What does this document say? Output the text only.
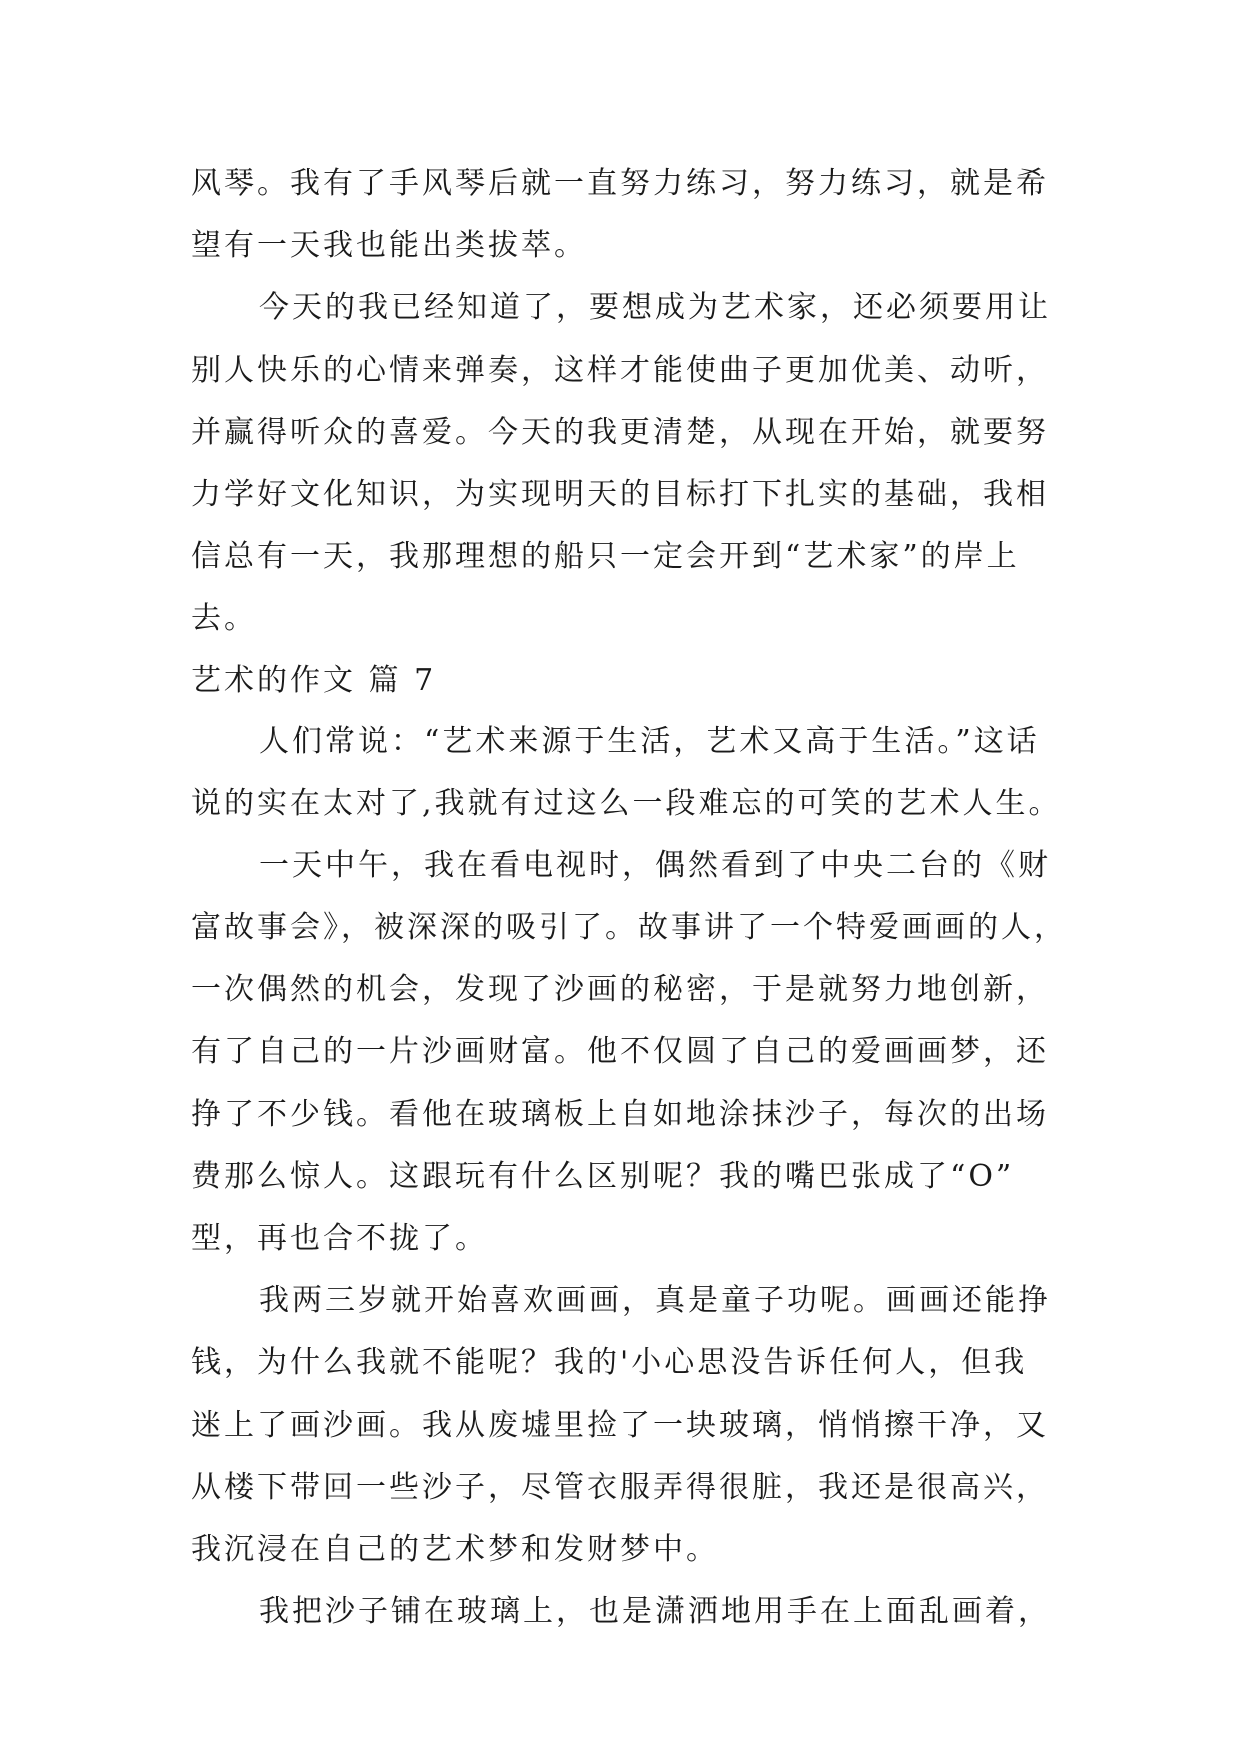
风琴。我有了手风琴后就一直努力练习，努力练习，就是希
望有一天我也能出类拔萃。
今天的我已经知道了，要想成为艺术家，还必须要用让
别人快乐的心情来弹奏，这样才能使曲子更加优美、动听，
并赢得听众的喜爱。今天的我更清楚，从现在开始，就要努
力学好文化知识，为实现明天的目标打下扎实的基础，我相
信总有一天，我那理想的船只一定会开到“艺术家”的岸上
去。
艺术的作文 篇 7
人们常说：“艺术来源于生活，艺术又高于生活。”这话
说的实在太对了,我就有过这么一段难忘的可笑的艺术人生。
一天中午，我在看电视时，偶然看到了中央二台的《财
富故事会》，被深深的吸引了。故事讲了一个特爱画画的人，
一次偶然的机会，发现了沙画的秘密，于是就努力地创新，
有了自己的一片沙画财富。他不仅圆了自己的爱画画梦，还
挣了不少钱。看他在玻璃板上自如地涂抹沙子，每次的出场
费那么惊人。这跟玩有什么区别呢？我的嘴巴张成了“O”
型，再也合不拢了。
我两三岁就开始喜欢画画，真是童子功呢。画画还能挣
钱，为什么我就不能呢？我的'小心思没告诉任何人，但我
迷上了画沙画。我从废墟里捡了一块玻璃，悄悄擦干净，又
从楼下带回一些沙子，尽管衣服弄得很脏，我还是很高兴，
我沉浸在自己的艺术梦和发财梦中。
我把沙子铺在玻璃上，也是潇洒地用手在上面乱画着，
